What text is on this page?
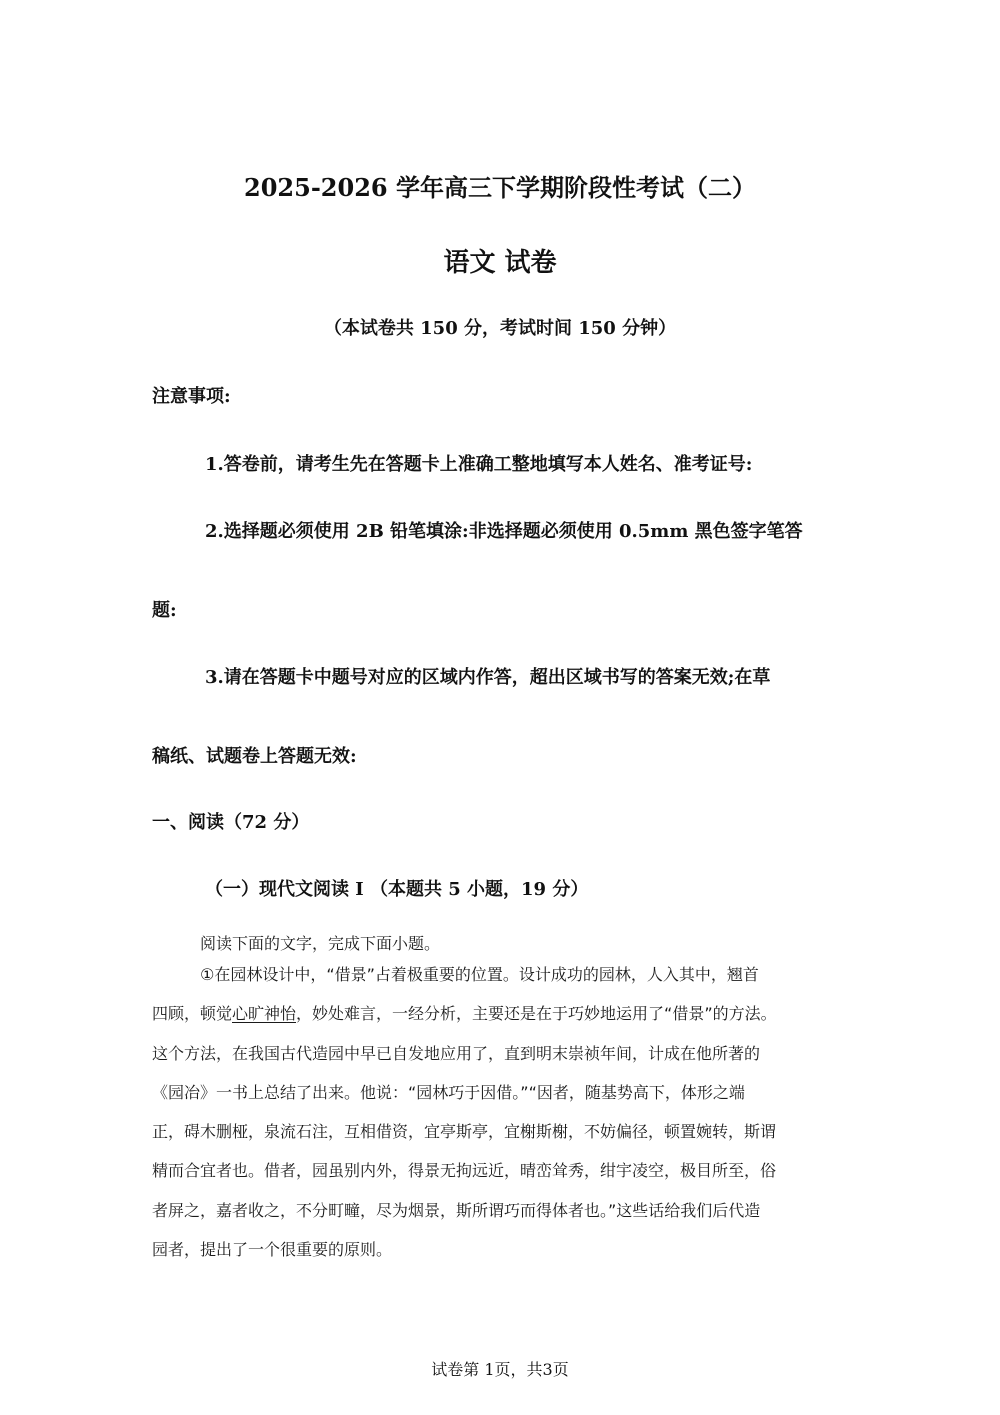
2025-2026 学年高三下学期阶段性考试（二）
语文 试卷
（本试卷共 150 分，考试时间 150 分钟）
注意事项:
1.答卷前，请考生先在答题卡上准确工整地填写本人姓名、准考证号:
2.选择题必须使用 2B 铅笔填涂:非选择题必须使用 0.5mm 黑色签字笔答
题:
3.请在答题卡中题号对应的区域内作答，超出区域书写的答案无效;在草
稿纸、试题卷上答题无效:
一、阅读（72 分）
（一）现代文阅读 I （本题共 5 小题，19 分）
阅读下面的文字，完成下面小题。
①在园林设计中，“借景”占着极重要的位置。设计成功的园林，人入其中，翘首
四顾，顿觉心旷神怡，妙处难言，一经分析，主要还是在于巧妙地运用了“借景”的方法。
这个方法，在我国古代造园中早已自发地应用了，直到明末崇祯年间，计成在他所著的
《园冶》一书上总结了出来。他说：“园林巧于因借。”“因者，随基势高下，体形之端
正，碍木删桠，泉流石注，互相借资，宜亭斯亭，宜榭斯榭，不妨偏径，顿置婉转，斯谓
精而合宜者也。借者，园虽别内外，得景无拘远近，晴峦耸秀，绀宇凌空，极目所至，俗
者屏之，嘉者收之，不分町疃，尽为烟景，斯所谓巧而得体者也。”这些话给我们后代造
园者，提出了一个很重要的原则。
试卷第 1页，共3页
